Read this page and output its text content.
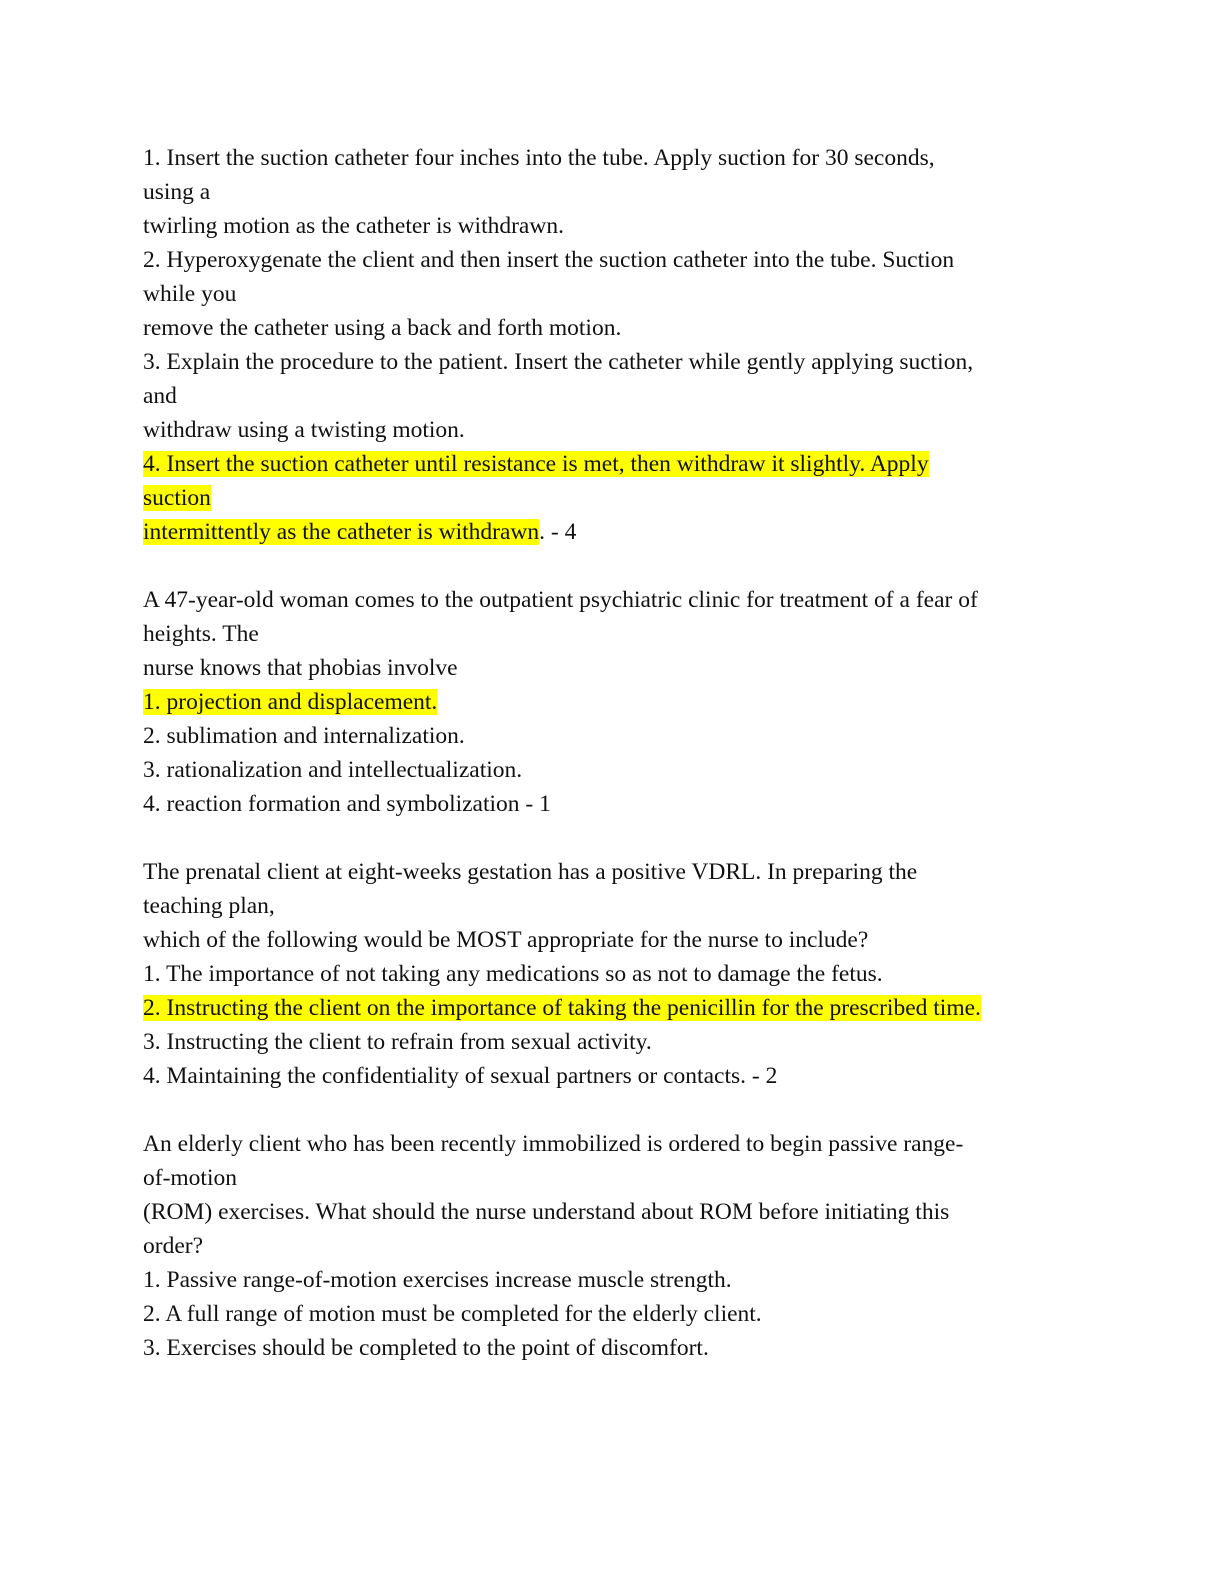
1. Insert the suction catheter four inches into the tube. Apply suction for 30 seconds,
using a
twirling motion as the catheter is withdrawn.
2. Hyperoxygenate the client and then insert the suction catheter into the tube. Suction
while you
remove the catheter using a back and forth motion.
3. Explain the procedure to the patient. Insert the catheter while gently applying suction,
and
withdraw using a twisting motion.
4. Insert the suction catheter until resistance is met, then withdraw it slightly. Apply
suction
intermittently as the catheter is withdrawn. - 4
A 47-year-old woman comes to the outpatient psychiatric clinic for treatment of a fear of
heights. The
nurse knows that phobias involve
1. projection and displacement.
2. sublimation and internalization.
3. rationalization and intellectualization.
4. reaction formation and symbolization - 1
The prenatal client at eight-weeks gestation has a positive VDRL. In preparing the
teaching plan,
which of the following would be MOST appropriate for the nurse to include?
1. The importance of not taking any medications so as not to damage the fetus.
2. Instructing the client on the importance of taking the penicillin for the prescribed time.
3. Instructing the client to refrain from sexual activity.
4. Maintaining the confidentiality of sexual partners or contacts. - 2
An elderly client who has been recently immobilized is ordered to begin passive range-
of-motion
(ROM) exercises. What should the nurse understand about ROM before initiating this
order?
1. Passive range-of-motion exercises increase muscle strength.
2. A full range of motion must be completed for the elderly client.
3. Exercises should be completed to the point of discomfort.
